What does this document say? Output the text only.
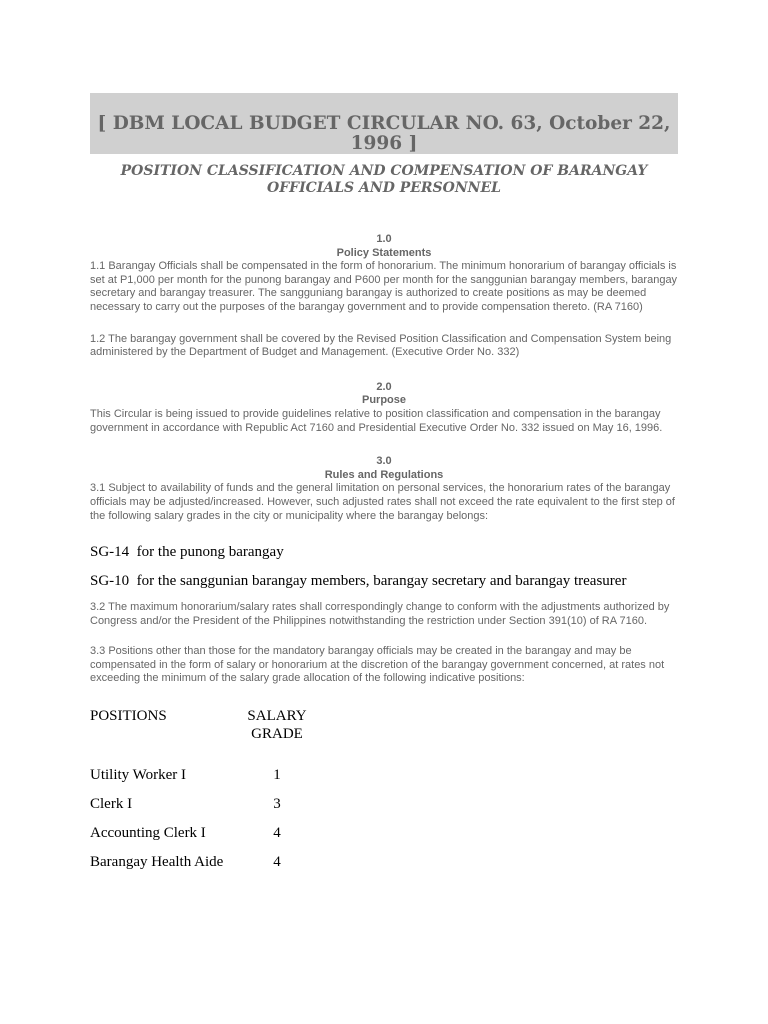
[ DBM LOCAL BUDGET CIRCULAR NO. 63, October 22, 1996 ]
POSITION CLASSIFICATION AND COMPENSATION OF BARANGAY OFFICIALS AND PERSONNEL
1.0
Policy Statements
1.1 Barangay Officials shall be compensated in the form of honorarium. The minimum honorarium of barangay officials is set at P1,000 per month for the punong barangay and P600 per month for the sanggunian barangay members, barangay secretary and barangay treasurer. The sangguniang barangay is authorized to create positions as may be deemed necessary to carry out the purposes of the barangay government and to provide compensation thereto. (RA 7160)
1.2 The barangay government shall be covered by the Revised Position Classification and Compensation System being administered by the Department of Budget and Management. (Executive Order No. 332)
2.0
Purpose
This Circular is being issued to provide guidelines relative to position classification and compensation in the barangay government in accordance with Republic Act 7160 and Presidential Executive Order No. 332 issued on May 16, 1996.
3.0
Rules and Regulations
3.1 Subject to availability of funds and the general limitation on personal services, the honorarium rates of the barangay officials may be adjusted/increased. However, such adjusted rates shall not exceed the rate equivalent to the first step of the following salary grades in the city or municipality where the barangay belongs:
SG-14  for the punong barangay
SG-10  for the sanggunian barangay members, barangay secretary and barangay treasurer
3.2 The maximum honorarium/salary rates shall correspondingly change to conform with the adjustments authorized by Congress and/or the President of the Philippines notwithstanding the restriction under Section 391(10) of RA 7160.
3.3 Positions other than those for the mandatory barangay officials may be created in the barangay and may be compensated in the form of salary or honorarium at the discretion of the barangay government concerned, at rates not exceeding the minimum of the salary grade allocation of the following indicative positions:
POSITIONS	SALARY
GRADE
Utility Worker I	1
Clerk I	3
Accounting Clerk I	4
Barangay Health Aide	4
